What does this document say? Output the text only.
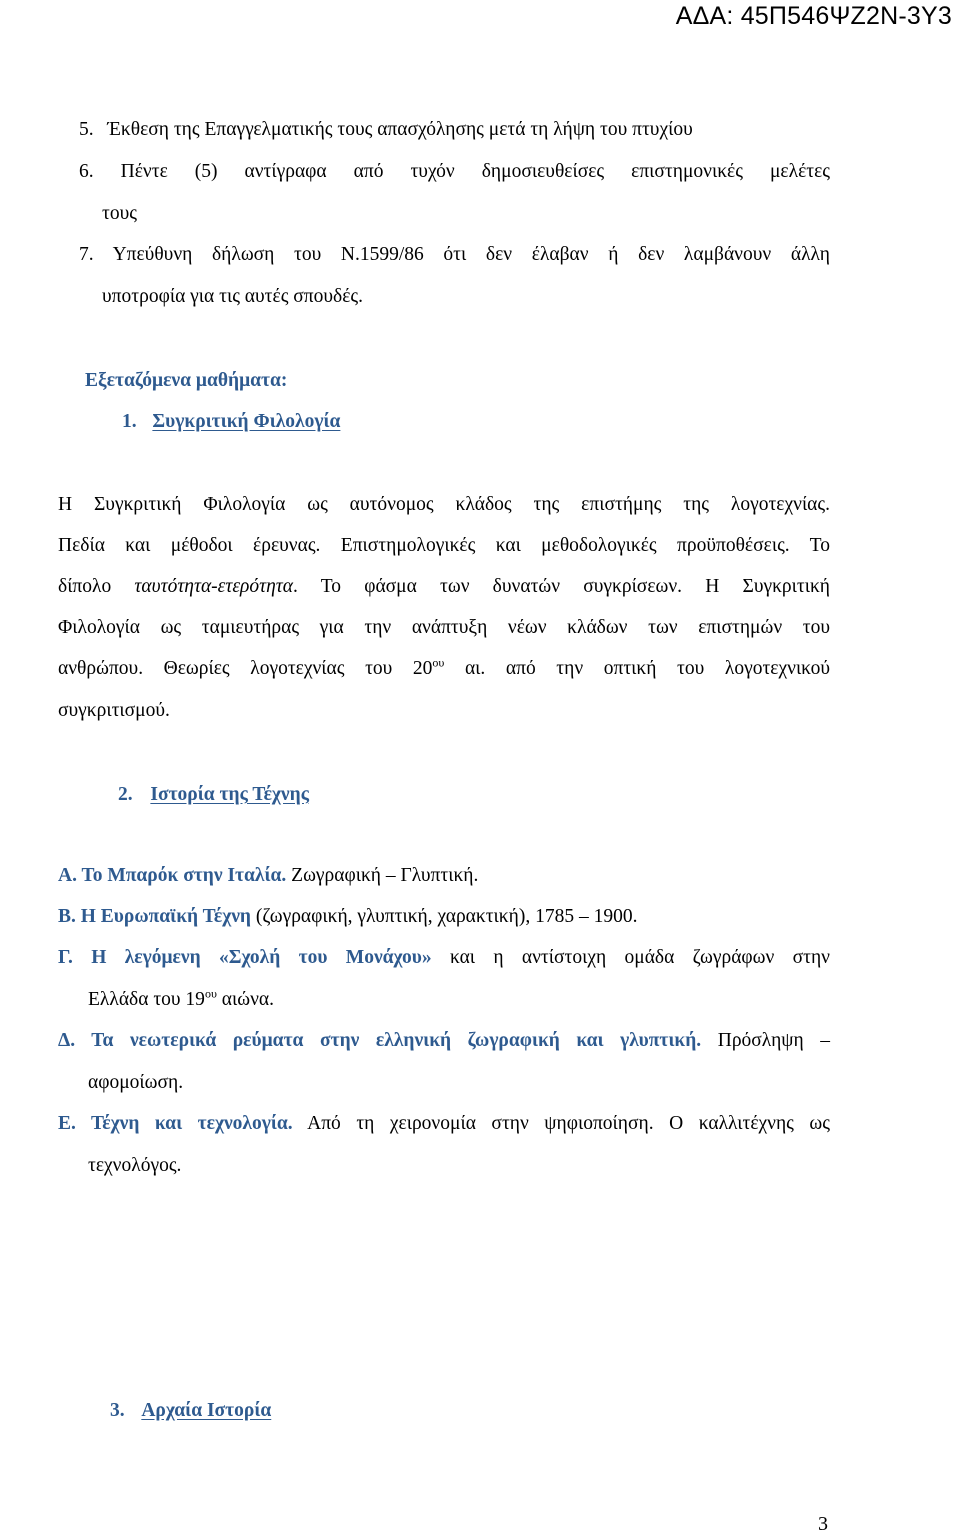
ΑΔΑ: 45Π546ΨΖ2Ν-3Υ3
5. Έκθεση της Επαγγελματικής τους απασχόλησης μετά τη λήψη του πτυχίου
6. Πέντε (5) αντίγραφα από τυχόν δημοσιευθείσες επιστημονικές μελέτες
τους
7. Υπεύθυνη δήλωση του Ν.1599/86 ότι δεν έλαβαν ή δεν λαμβάνουν άλλη
υποτροφία για τις αυτές σπουδές.
Εξεταζόμενα μαθήματα:
1. Συγκριτική Φιλολογία
Η Συγκριτική Φιλολογία ως αυτόνομος κλάδος της επιστήμης της λογοτεχνίας.
Πεδία και μέθοδοι έρευνας. Επιστημολογικές και μεθοδολογικές προϋποθέσεις. Το
δίπολο ταυτότητα-ετερότητα. Το φάσμα των δυνατών συγκρίσεων. Η Συγκριτική
Φιλολογία ως ταμιευτήρας για την ανάπτυξη νέων κλάδων των επιστημών του
ανθρώπου. Θεωρίες λογοτεχνίας του $20^{o\upsilon}$ αι. από την οπτική του λογοτεχνικού
συγκριτισμού.
2. Ιστορία της Τέχνης
Α. Το Μπαρόκ στην Ιταλία. Ζωγραφική – Γλυπτική.
Β. Η Ευρωπαϊκή Τέχνη (ζωγραφική, γλυπτική, χαρακτική), 1785 – 1900.
Γ. Η λεγόμενη «Σχολή του Μονάχου» και η αντίστοιχη ομάδα ζωγράφων στην
Ελλάδα του $19^{o\upsilon}$ αιώνα.
Δ. Τα νεωτερικά ρεύματα στην ελληνική ζωγραφική και γλυπτική. Πρόσληψη –
αφομοίωση.
Ε. Τέχνη και τεχνολογία. Από τη χειρονομία στην ψηφιοποίηση. Ο καλλιτέχνης ως
τεχνολόγος.
3. Αρχαία Ιστορία
3
